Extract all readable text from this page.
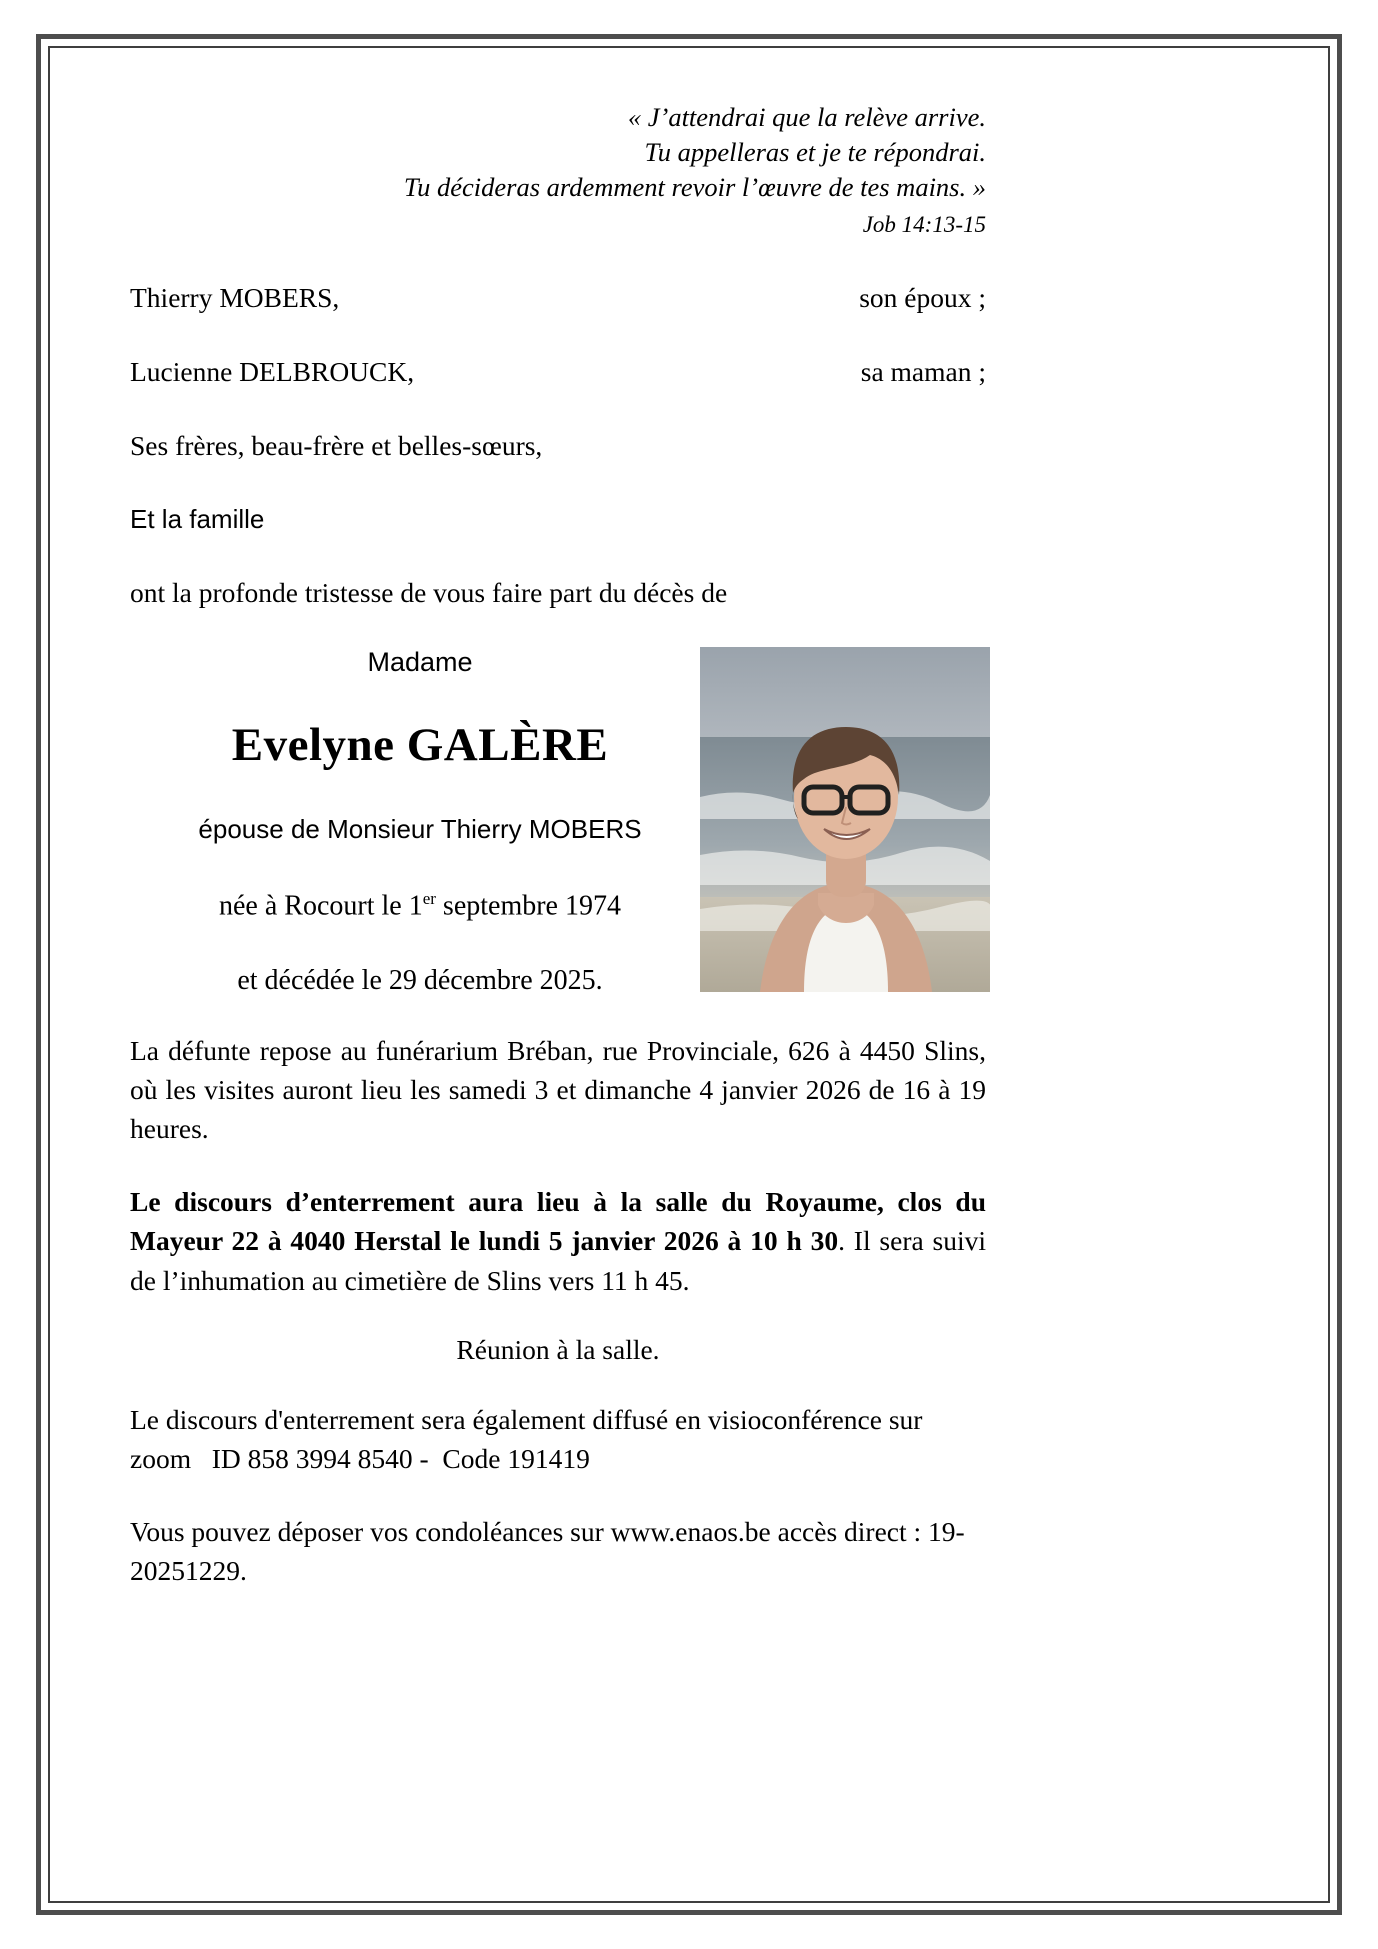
« J’attendrai que la relève arrive.
Tu appelleras et je te répondrai.
Tu décideras ardemment revoir l’œuvre de tes mains. »
Job 14:13-15
Thierry MOBERS,	son époux ;
Lucienne DELBROUCK,	sa maman ;
Ses frères, beau-frère et belles-sœurs,
Et la famille
ont la profonde tristesse de vous faire part du décès de
Madame
Evelyne GALÈRE
épouse de Monsieur Thierry MOBERS
née à Rocourt le 1er septembre 1974
et décédée le 29 décembre 2025.
La défunte repose au funérarium Bréban, rue Provinciale, 626 à 4450 Slins, où les visites auront lieu les samedi 3 et dimanche 4 janvier 2026 de 16 à 19 heures.
Le discours d’enterrement aura lieu à la salle du Royaume, clos du Mayeur 22 à 4040 Herstal le lundi 5 janvier 2026 à 10 h 30. Il sera suivi de l’inhumation au cimetière de Slins vers 11 h 45.
Réunion à la salle.
Le discours d'enterrement sera également diffusé en visioconférence sur zoom   ID 858 3994 8540 -  Code 191419
Vous pouvez déposer vos condoléances sur www.enaos.be accès direct : 19-20251229.
